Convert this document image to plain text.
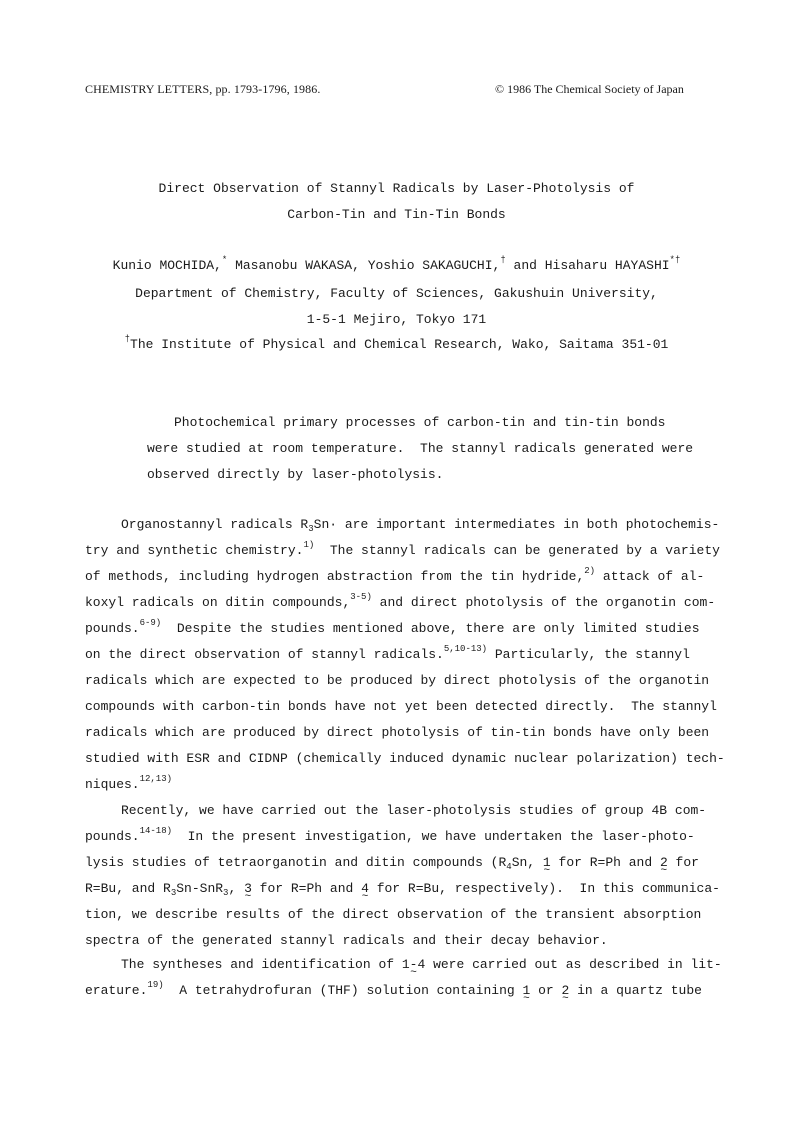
CHEMISTRY LETTERS, pp. 1793-1796, 1986.	© 1986 The Chemical Society of Japan
Direct Observation of Stannyl Radicals by Laser-Photolysis of
Carbon-Tin and Tin-Tin Bonds
Kunio MOCHIDA,* Masanobu WAKASA, Yoshio SAKAGUCHI,† and Hisaharu HAYASHI*†
Department of Chemistry, Faculty of Sciences, Gakushuin University,
1-5-1 Mejiro, Tokyo 171
†The Institute of Physical and Chemical Research, Wako, Saitama 351-01
Photochemical primary processes of carbon-tin and tin-tin bonds
were studied at room temperature.  The stannyl radicals generated were
observed directly by laser-photolysis.
Organostannyl radicals $R_3Sn\cdot$ are important intermediates in both photochemis-
try and synthetic chemistry.$^{1)}$  The stannyl radicals can be generated by a variety
of methods, including hydrogen abstraction from the tin hydride,$^{2)}$ attack of al-
koxyl radicals on ditin compounds,$^{3-5)}$ and direct photolysis of the organotin com-
pounds.$^{6-9)}$  Despite the studies mentioned above, there are only limited studies
on the direct observation of stannyl radicals.$^{5,10-13)}$ Particularly, the stannyl
radicals which are expected to be produced by direct photolysis of the organotin
compounds with carbon-tin bonds have not yet been detected directly.  The stannyl
radicals which are produced by direct photolysis of tin-tin bonds have only been
studied with ESR and CIDNP (chemically induced dynamic nuclear polarization) tech-
niques.$^{12,13)}$
Recently, we have carried out the laser-photolysis studies of group 4B com-
pounds.$^{14-18)}$  In the present investigation, we have undertaken the laser-photo-
lysis studies of tetraorganotin and ditin compounds ($R_4Sn$, 1 ~ for R=Ph and 2 ~ for
R=Bu, and $R_3Sn-SnR_3$, 3 ~ for R=Ph and 4 ~ for R=Bu, respectively).  In this communica-
tion, we describe results of the direct observation of the transient absorption
spectra of the generated stannyl radicals and their decay behavior.
The syntheses and identification of 1-4 ~ were carried out as described in lit-
erature.$^{19)}$  A tetrahydrofuran (THF) solution containing 1 ~ or 2 ~ in a quartz tube
